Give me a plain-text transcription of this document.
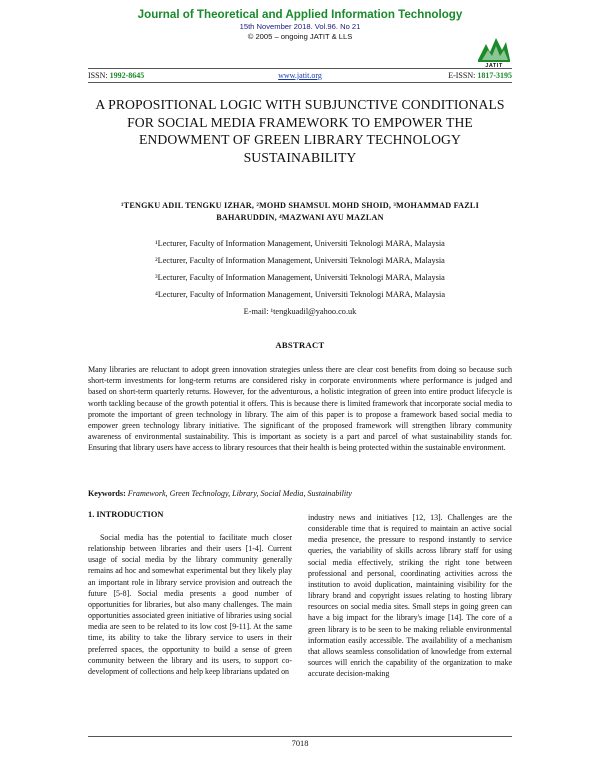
Journal of Theoretical and Applied Information Technology

15th November 2018. Vol.96. No 21

© 2005 – ongoing JATIT & LLS

JATIT
ISSN: 1992-8645	www.jatit.org	E-ISSN: 1817-3195
A PROPOSITIONAL LOGIC WITH SUBJUNCTIVE CONDITIONALS FOR SOCIAL MEDIA FRAMEWORK TO EMPOWER THE ENDOWMENT OF GREEN LIBRARY TECHNOLOGY SUSTAINABILITY
¹TENGKU ADIL TENGKU IZHAR, ²MOHD SHAMSUL MOHD SHOID, ³MOHAMMAD FAZLI BAHARUDDIN, ⁴MAZWANI AYU MAZLAN
¹Lecturer, Faculty of Information Management, Universiti Teknologi MARA, Malaysia
²Lecturer, Faculty of Information Management, Universiti Teknologi MARA, Malaysia
³Lecturer, Faculty of Information Management, Universiti Teknologi MARA, Malaysia
⁴Lecturer, Faculty of Information Management, Universiti Teknologi MARA, Malaysia
E-mail: ¹tengkuadil@yahoo.co.uk
ABSTRACT
Many libraries are reluctant to adopt green innovation strategies unless there are clear cost benefits from doing so because such short-term investments for long-term returns are considered risky in corporate environments where performance is judged and based on short-term quarterly returns. However, for the adventurous, a holistic integration of green into entire product lifecycle is worth tackling because of the growth potential it offers. This is because there is limited framework that incorporate social media to promote the important of green technology in library. The aim of this paper is to propose a framework based social media to empower green technology library initiative. The significant of the proposed framework will strengthen library community awareness of environmental sustainability. This is important as society is a part and parcel of what sustainability stands for. Ensuring that library users have access to library resources that their health is being protected within the sustainable environment.
Keywords: Framework, Green Technology, Library, Social Media, Sustainability
1. INTRODUCTION
Social media has the potential to facilitate much closer relationship between libraries and their users [1-4]. Current usage of social media by the library community generally remains ad hoc and somewhat experimental but they likely play an important role in library service provision and outreach the future [5-8]. Social media presents a good number of opportunities for libraries, but also many challenges. The main opportunities associated green initiative of libraries using social media are seen to be related to its low cost [9-11]. At the same time, its ability to take the library service to users in their preferred spaces, the opportunity to build a sense of green community between the library and its users, to support co-development of collections and help keep librarians updated on
industry news and initiatives [12, 13]. Challenges are the considerable time that is required to maintain an active social media presence, the pressure to respond instantly to service queries, the variability of skills across library staff for using social media effectively, striking the right tone between professional and personal, coordinating activities across the institution to avoid duplication, maintaining visibility for the library brand and copyright issues relating to hosting library resources on social media sites. Small steps in going green can have a big impact for the library's image [14]. The core of a green library is to be seen to be making reliable environmental information easily accessible. The availability of a mechanism that allows seamless consolidation of knowledge from external sources will enrich the capability of the organization to make accurate decision-making
7018
